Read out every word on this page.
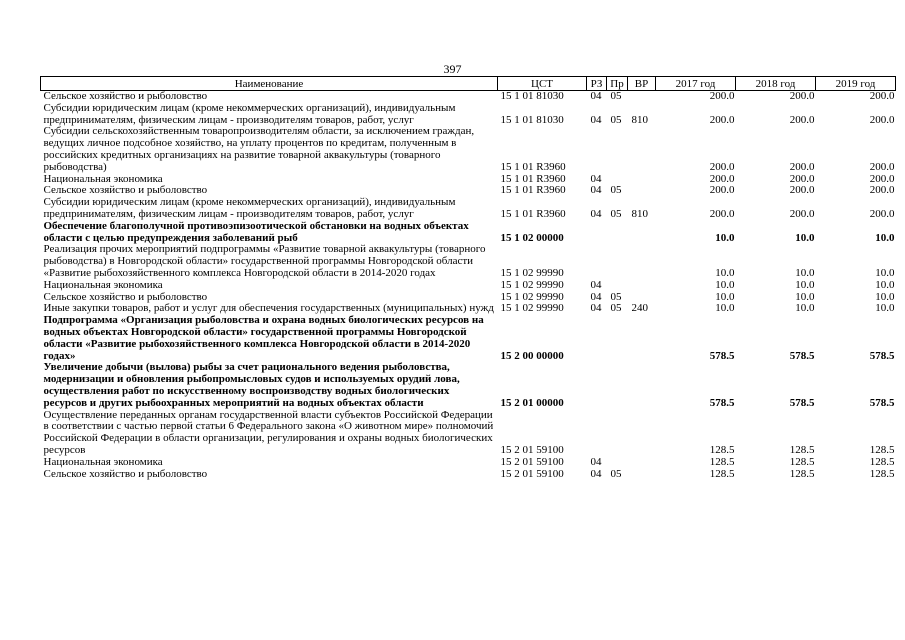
397
Наименование	ЦСТ	РЗ	Пр	ВР	2017 год	2018 год	2019 год
Сельское хозяйство и рыболовство	15 1 01 81030	04	05		200.0	200.0	200.0
Субсидии юридическим лицам (кроме некоммерческих организаций), индивидуальным предпринимателям, физическим лицам - производителям товаров, работ, услуг	15 1 01 81030	04	05	810	200.0	200.0	200.0
Субсидии сельскохозяйственным товаропроизводителям области, за исключением граждан, ведущих личное подсобное хозяйство, на уплату процентов по кредитам, полученным в российских кредитных организациях на развитие товарной аквакультуры (товарного рыбоводства)	15 1 01 R3960				200.0	200.0	200.0
Национальная экономика	15 1 01 R3960	04			200.0	200.0	200.0
Сельское хозяйство и рыболовство	15 1 01 R3960	04	05		200.0	200.0	200.0
Субсидии юридическим лицам (кроме некоммерческих организаций), индивидуальным предпринимателям, физическим лицам - производителям товаров, работ, услуг	15 1 01 R3960	04	05	810	200.0	200.0	200.0
Обеспечение благополучной противоэпизоотической обстановки на водных объектах области с целью предупреждения заболеваний рыб	15 1 02 00000				10.0	10.0	10.0
Реализация прочих мероприятий подпрограммы «Развитие товарной аквакультуры (товарного рыбоводства) в Новгородской области» государственной программы Новгородской области «Развитие рыбохозяйственного комплекса Новгородской области в 2014-2020 годах	15 1 02 99990				10.0	10.0	10.0
Национальная экономика	15 1 02 99990	04			10.0	10.0	10.0
Сельское хозяйство и рыболовство	15 1 02 99990	04	05		10.0	10.0	10.0
Иные закупки товаров, работ и услуг для обеспечения государственных (муниципальных) нужд	15 1 02 99990	04	05	240	10.0	10.0	10.0
Подпрограмма «Организация рыболовства и охрана водных биологических ресурсов на водных объектах Новгородской области» государственной программы Новгородской области «Развитие рыбохозяйственного комплекса Новгородской области в 2014-2020 годах»	15 2 00 00000				578.5	578.5	578.5
Увеличение добычи (вылова) рыбы за счет рационального ведения рыболовства, модернизации и обновления рыбопромысловых судов и используемых орудий лова, осуществления работ по искусственному воспроизводству водных биологических ресурсов и других рыбоохранных мероприятий на водных объектах области	15 2 01 00000				578.5	578.5	578.5
Осуществление переданных органам государственной власти субъектов Российской Федерации в соответствии с частью первой статьи 6 Федерального закона «О животном мире» полномочий Российской Федерации в области организации, регулирования и охраны водных биологических ресурсов	15 2 01 59100				128.5	128.5	128.5
Национальная экономика	15 2 01 59100	04			128.5	128.5	128.5
Сельское хозяйство и рыболовство	15 2 01 59100	04	05		128.5	128.5	128.5
